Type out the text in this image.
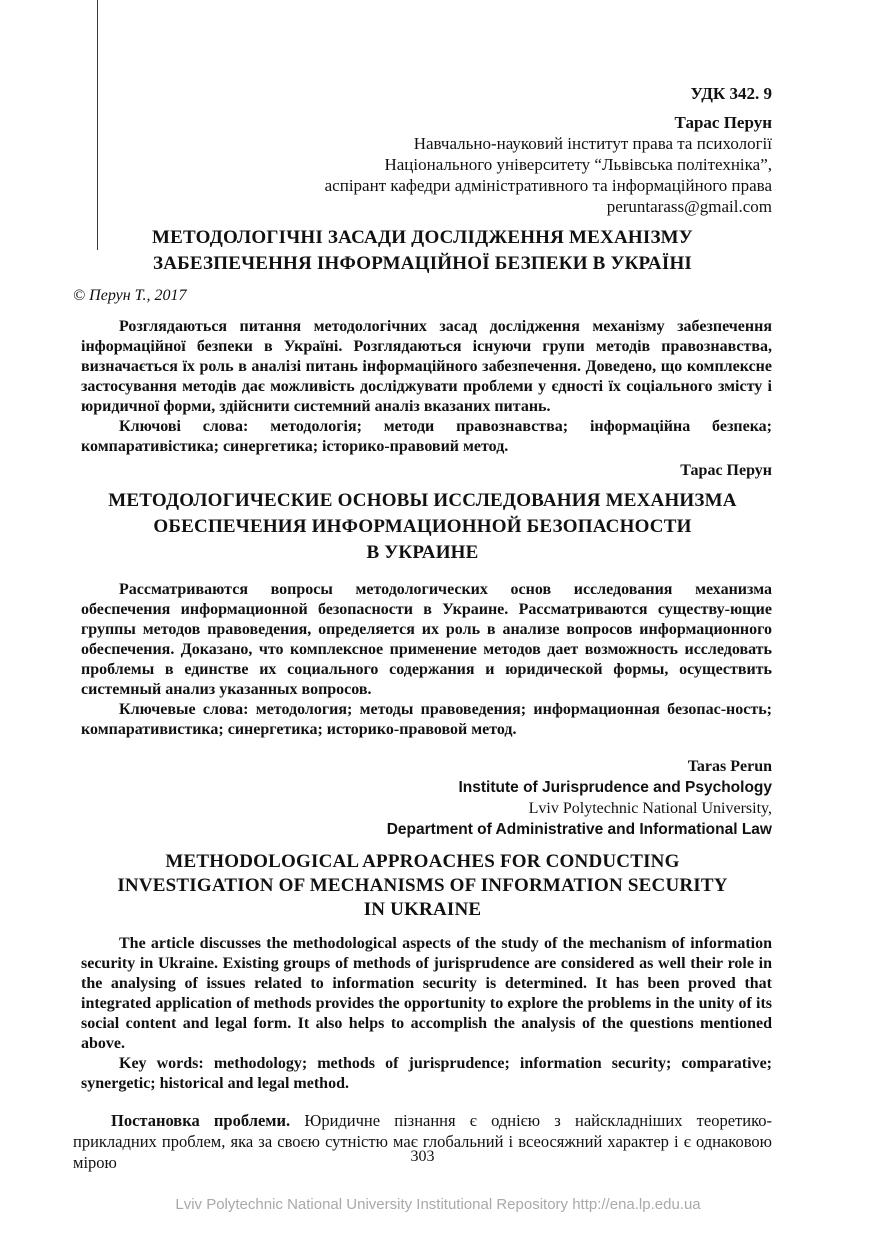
УДК 342. 9
Тарас Перун
Навчально-науковий інститут права та психології
Національного університету “Львівська політехніка”,
аспірант кафедри адміністративного та інформаційного права
peruntarass@gmail.com
МЕТОДОЛОГІЧНІ ЗАСАДИ ДОСЛІДЖЕННЯ МЕХАНІЗМУ
ЗАБЕЗПЕЧЕННЯ ІНФОРМАЦІЙНОЇ БЕЗПЕКИ В УКРАЇНІ
© Перун Т., 2017

Розглядаються питання методологічних засад дослідження механізму забезпечення інформаційної безпеки в Україні. Розглядаються існуючи групи методів правознавства, визначається їх роль в аналізі питань інформаційного забезпечення. Доведено, що комплексне застосування методів дає можливість досліджувати проблеми у єдності їх соціального змісту і юридичної форми, здійснити системний аналіз вказаних питань.

Ключові слова: методологія; методи правознавства; інформаційна безпека; компаративістика; синергетика; історико-правовий метод.

Тарас Перун
МЕТОДОЛОГИЧЕСКИЕ ОСНОВЫ ИССЛЕДОВАНИЯ МЕХАНИЗМА
ОБЕСПЕЧЕНИЯ ИНФОРМАЦИОННОЙ БЕЗОПАСНОСТИ
В УКРАИНЕ

Рассматриваются вопросы методологических основ исследования механизма обеспечения информационной безопасности в Украине. Рассматриваются существу-ющие группы методов правоведения, определяется их роль в анализе вопросов информационного обеспечения. Доказано, что комплексное применение методов дает возможность исследовать проблемы в единстве их социального содержания и юридической формы, осуществить системный анализ указанных вопросов.

Ключевые слова: методология; методы правоведения; информационная безопас-ность; компаративистика; синергетика; историко-правовой метод.

Taras Perun
Institute of Jurisprudence and Psychology
Lviv Polytechnic National University,
Department of Administrative and Informational Law
METHODOLOGICAL APPROACHES FOR CONDUCTING
INVESTIGATION OF MECHANISMS OF INFORMATION SECURITY
IN UKRAINE

The article discusses the methodological aspects of the study of the mechanism of information security in Ukraine. Existing groups of methods of jurisprudence are considered as well their role in the analysing of issues related to information security is determined. It has been proved that integrated application of methods provides the opportunity to explore the problems in the unity of its social content and legal form. It also helps to accomplish the analysis of the questions mentioned above.

Key words: methodology; methods of jurisprudence; information security; comparative; synergetic; historical and legal method.

Постановка проблеми. Юридичне пізнання є однією з найскладніших теоретико-прикладних проблем, яка за своєю сутністю має глобальний і всеосяжний характер і є однаковою мірою	303
Lviv Polytechnic National University Institutional Repository http://ena.lp.edu.ua
